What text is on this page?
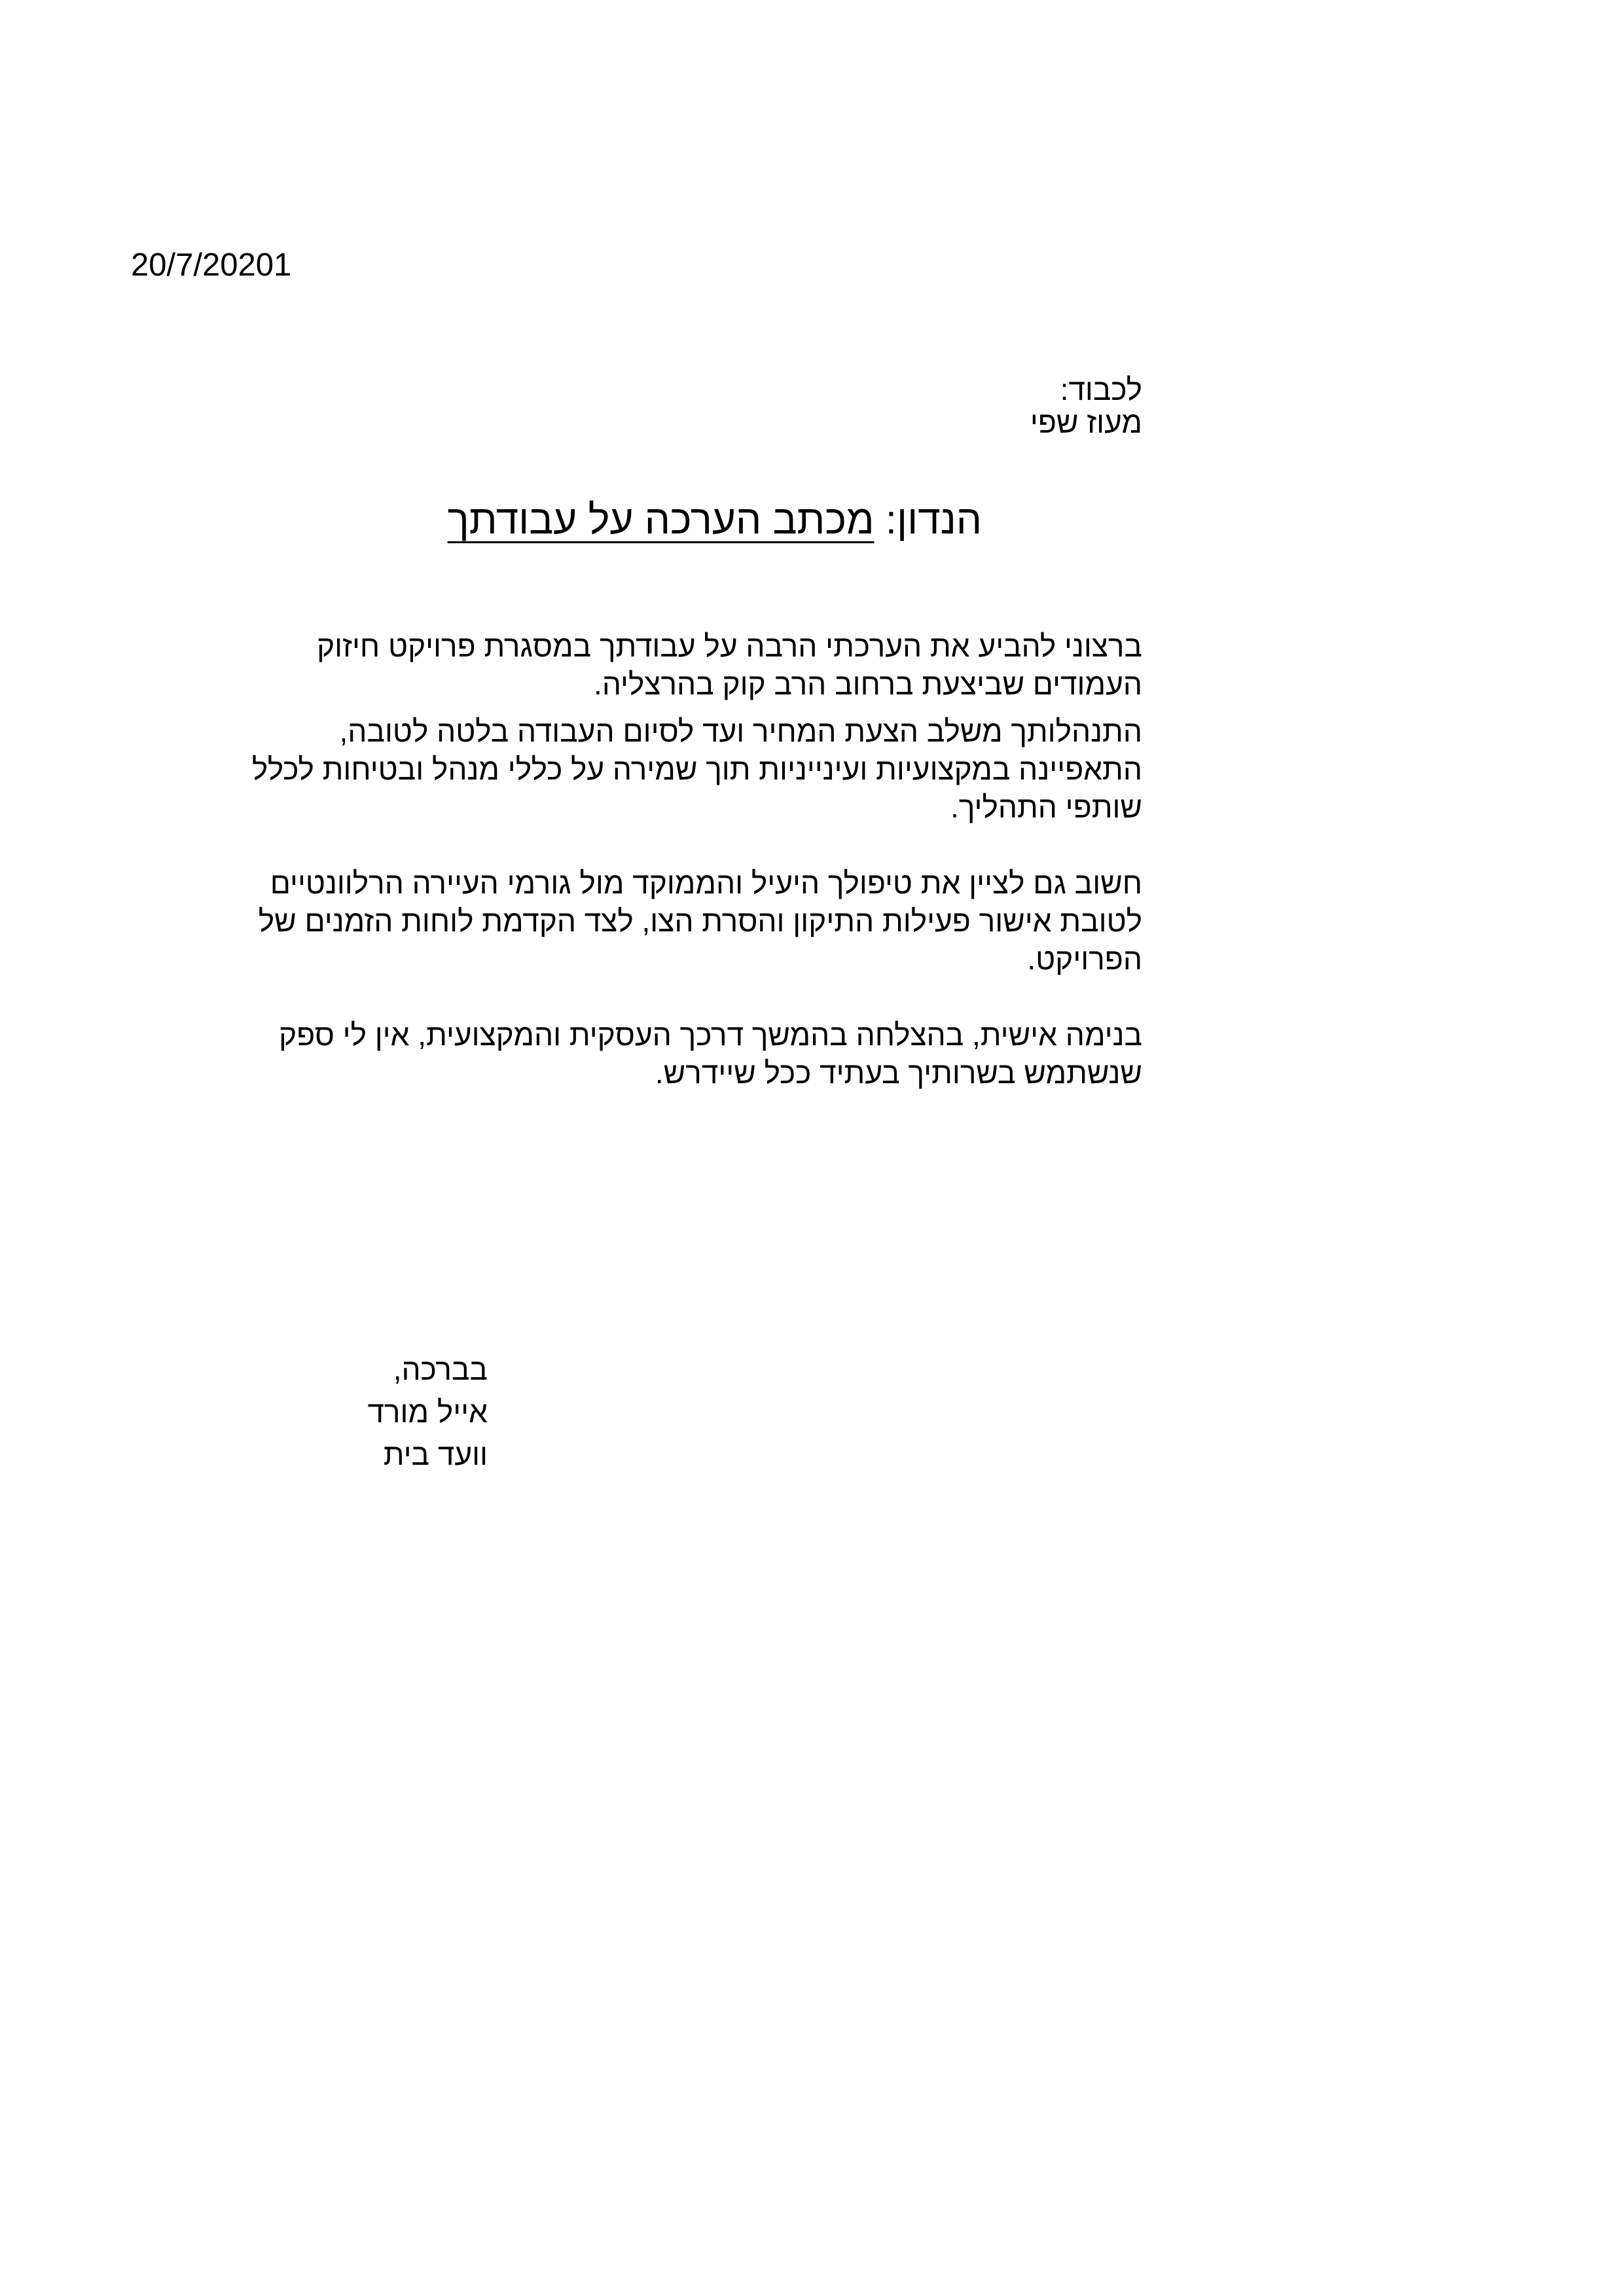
20/7/20201
לכבוד:
מעוז שפי
הנדון: מכתב הערכה על עבודתך
ברצוני להביע את הערכתי הרבה על עבודתך במסגרת פרויקט חיזוק
העמודים שביצעת ברחוב הרב קוק בהרצליה.
התנהלותך משלב הצעת המחיר ועד לסיום העבודה בלטה לטובה,
התאפיינה במקצועיות ועינייניות תוך שמירה על כללי מנהל ובטיחות לכלל
שותפי התהליך.
חשוב גם לציין את טיפולך היעיל והממוקד מול גורמי העיירה הרלוונטיים
לטובת אישור פעילות התיקון והסרת הצו, לצד הקדמת לוחות הזמנים של
הפרויקט.
בנימה אישית, בהצלחה בהמשך דרכך העסקית והמקצועית, אין לי ספק
שנשתמש בשרותיך בעתיד ככל שיידרש.
בברכה,
אייל מורד
וועד בית
